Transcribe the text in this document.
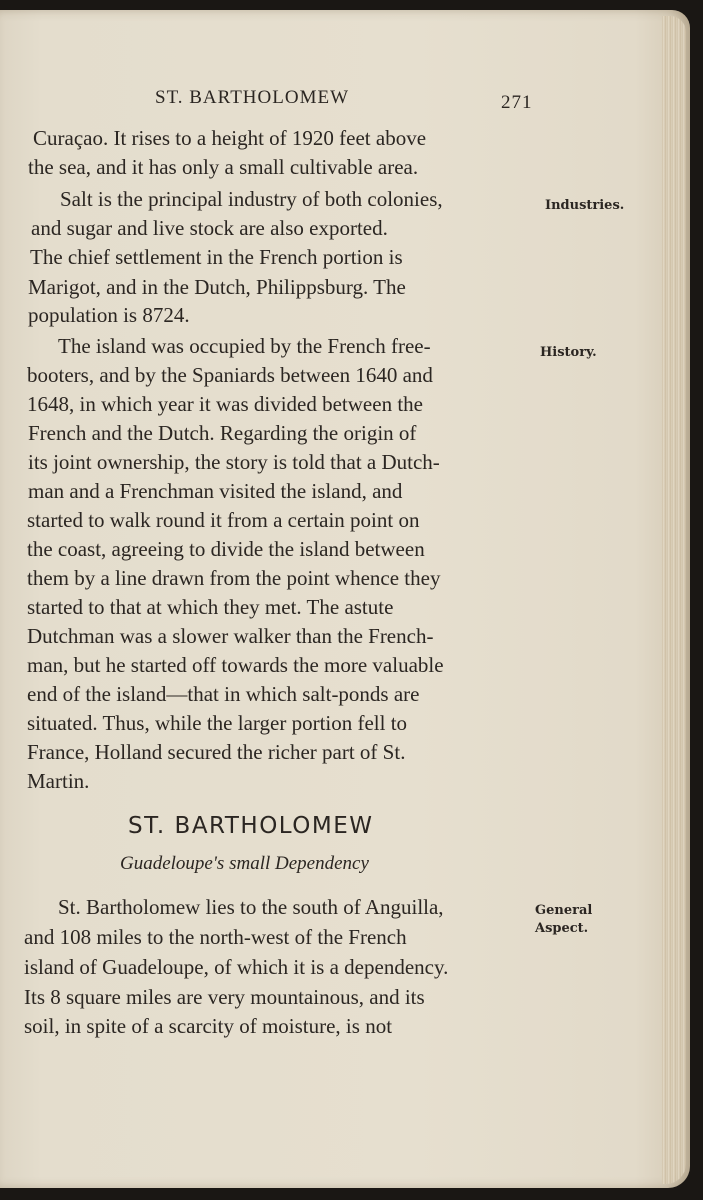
ST. BARTHOLOMEW	271
Curaçao. It rises to a height of 1920 feet above
the sea, and it has only a small cultivable area.
Salt is the principal industry of both colonies,
and sugar and live stock are also exported.
The chief settlement in the French portion is
Marigot, and in the Dutch, Philippsburg. The
population is 8724.
The island was occupied by the French free-
booters, and by the Spaniards between 1640 and
1648, in which year it was divided between the
French and the Dutch. Regarding the origin of
its joint ownership, the story is told that a Dutch-
man and a Frenchman visited the island, and
started to walk round it from a certain point on
the coast, agreeing to divide the island between
them by a line drawn from the point whence they
started to that at which they met. The astute
Dutchman was a slower walker than the French-
man, but he started off towards the more valuable
end of the island—that in which salt-ponds are
situated. Thus, while the larger portion fell to
France, Holland secured the richer part of St.
Martin.
ST. BARTHOLOMEW
Guadeloupe's small Dependency
St. Bartholomew lies to the south of Anguilla,
and 108 miles to the north-west of the French
island of Guadeloupe, of which it is a dependency.
Its 8 square miles are very mountainous, and its
soil, in spite of a scarcity of moisture, is not
Industries.
History.
General
Aspect.
